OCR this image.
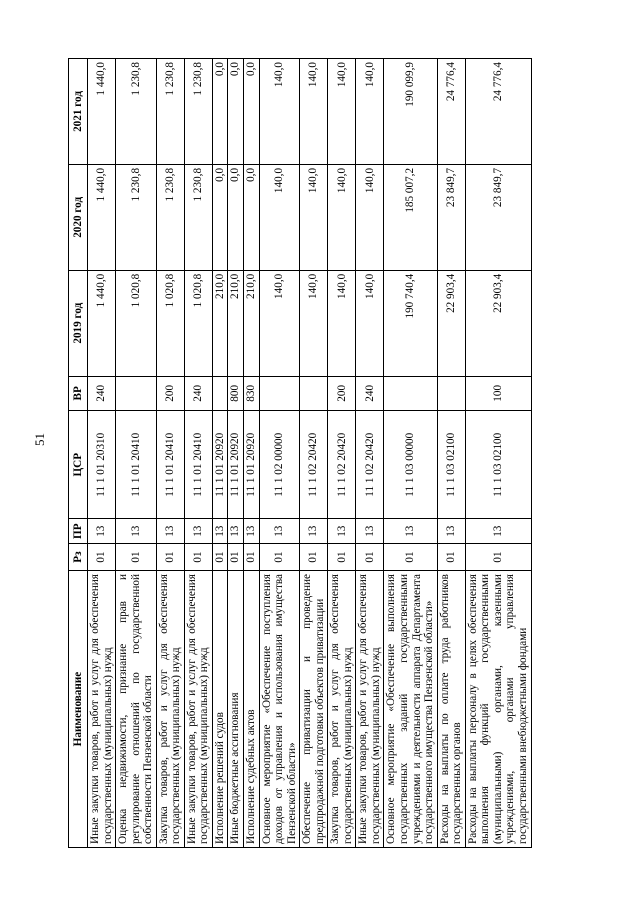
51
Наименование	Рз	ПР	ЦСР	ВР	2019 год	2020 год	2021 год
Иные закупки товаров, работ и услуг для обеспечения государственных (муниципальных) нужд	01	13	11 1 01 20310	240	1 440,0	1 440,0	1 440,0
Оценка недвижимости, признание прав и регулирование отношений по государственной собственности Пензенской области	01	13	11 1 01 20410		1 020,8	1 230,8	1 230,8
Закупка товаров, работ и услуг для обеспечения государственных (муниципальных) нужд	01	13	11 1 01 20410	200	1 020,8	1 230,8	1 230,8
Иные закупки товаров, работ и услуг для обеспечения государственных (муниципальных) нужд	01	13	11 1 01 20410	240	1 020,8	1 230,8	1 230,8
Исполнение решений судов	01	13	11 1 01 20920		210,0	0,0	0,0
Иные бюджетные ассигнования	01	13	11 1 01 20920	800	210,0	0,0	0,0
Исполнение судебных актов	01	13	11 1 01 20920	830	210,0	0,0	0,0
Основное мероприятие «Обеспечение поступления доходов от управления и использования имущества Пензенской области»	01	13	11 1 02 00000		140,0	140,0	140,0
Обеспечение приватизации и проведение предпродажной подготовки объектов приватизации	01	13	11 1 02 20420		140,0	140,0	140,0
Закупка товаров, работ и услуг для обеспечения государственных (муниципальных) нужд	01	13	11 1 02 20420	200	140,0	140,0	140,0
Иные закупки товаров, работ и услуг для обеспечения государственных (муниципальных) нужд	01	13	11 1 02 20420	240	140,0	140,0	140,0
Основное мероприятие «Обеспечение выполнения государственных заданий государственными учреждениями и деятельности аппарата Департамента государственного имущества Пензенской области»	01	13	11 1 03 00000		190 740,4	185 007,2	190 099,9
Расходы на выплаты по оплате труда работников государственных органов	01	13	11 1 03 02100		22 903,4	23 849,7	24 776,4
Расходы на выплаты персоналу в целях обеспечения выполнения функций государственными (муниципальными) органами, казенными учреждениями, органами управления государственными внебюджетными фондами	01	13	11 1 03 02100	100	22 903,4	23 849,7	24 776,4
